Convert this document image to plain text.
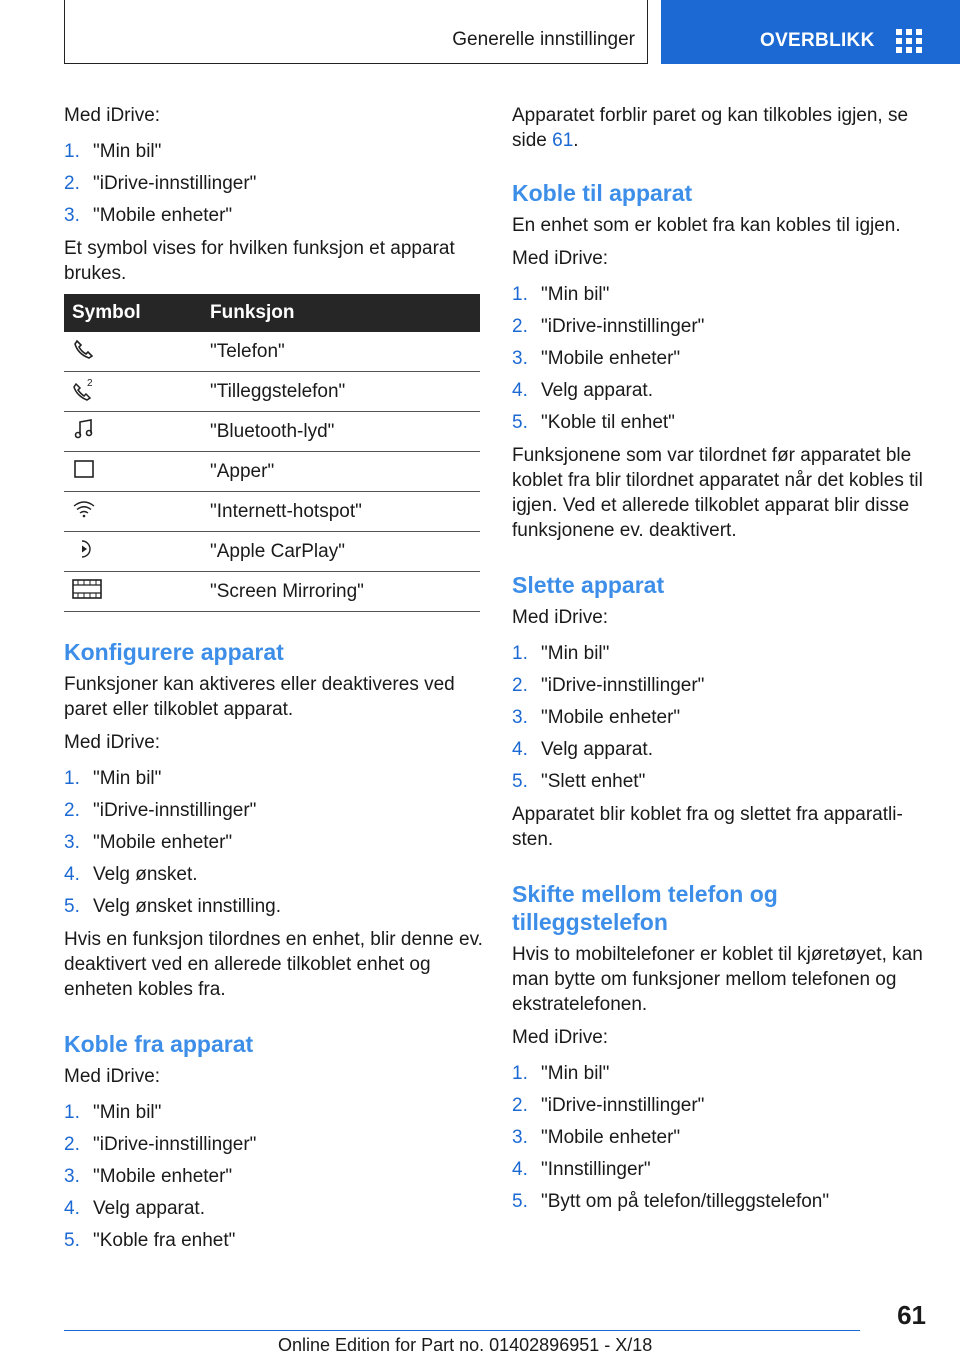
Generelle innstillinger	OVERBLIKK

Med iDrive:

1. "Min bil"
2. "iDrive-innstillinger"
3. "Mobile enheter"

Et symbol vises for hvilken funksjon et apparat brukes.

Symbol	Funksjon
	"Telefon"

2	"Tilleggstelefon"
	"Bluetooth-lyd"
	"Apper"
	"Internett-hotspot"
	"Apple CarPlay"
	"Screen Mirroring"
Konfigurere apparat

Funksjoner kan aktiveres eller deaktiveres ved paret eller tilkoblet apparat.

Med iDrive:

1. "Min bil"
2. "iDrive-innstillinger"
3. "Mobile enheter"
4. Velg ønsket.
5. Velg ønsket innstilling.

Hvis en funksjon tilordnes en enhet, blir denne ev. deaktivert ved en allerede tilkoblet enhet og enheten kobles fra.

Koble fra apparat

Med iDrive:

1. "Min bil"
2. "iDrive-innstillinger"
3. "Mobile enheter"
4. Velg apparat.
5. "Koble fra enhet"

Apparatet forblir paret og kan tilkobles igjen, se side 61.

Koble til apparat

En enhet som er koblet fra kan kobles til igjen.

Med iDrive:

1. "Min bil"
2. "iDrive-innstillinger"
3. "Mobile enheter"
4. Velg apparat.
5. "Koble til enhet"

Funksjonene som var tilordnet før apparatet ble koblet fra blir tilordnet apparatet når det kobles til igjen. Ved et allerede tilkoblet apparat blir disse funksjonene ev. deaktivert.

Slette apparat

Med iDrive:

1. "Min bil"
2. "iDrive-innstillinger"
3. "Mobile enheter"
4. Velg apparat.
5. "Slett enhet"

Apparatet blir koblet fra og slettet fra apparatlisten.

Skifte mellom telefon og tilleggstelefon

Hvis to mobiltelefoner er koblet til kjøretøyet, kan man bytte om funksjoner mellom telefonen og ekstratelefonen.

Med iDrive:

1. "Min bil"
2. "iDrive-innstillinger"
3. "Mobile enheter"
4. "Innstillinger"
5. "Bytt om på telefon/tilleggstelefon"
61
Online Edition for Part no. 01402896951 - X/18
